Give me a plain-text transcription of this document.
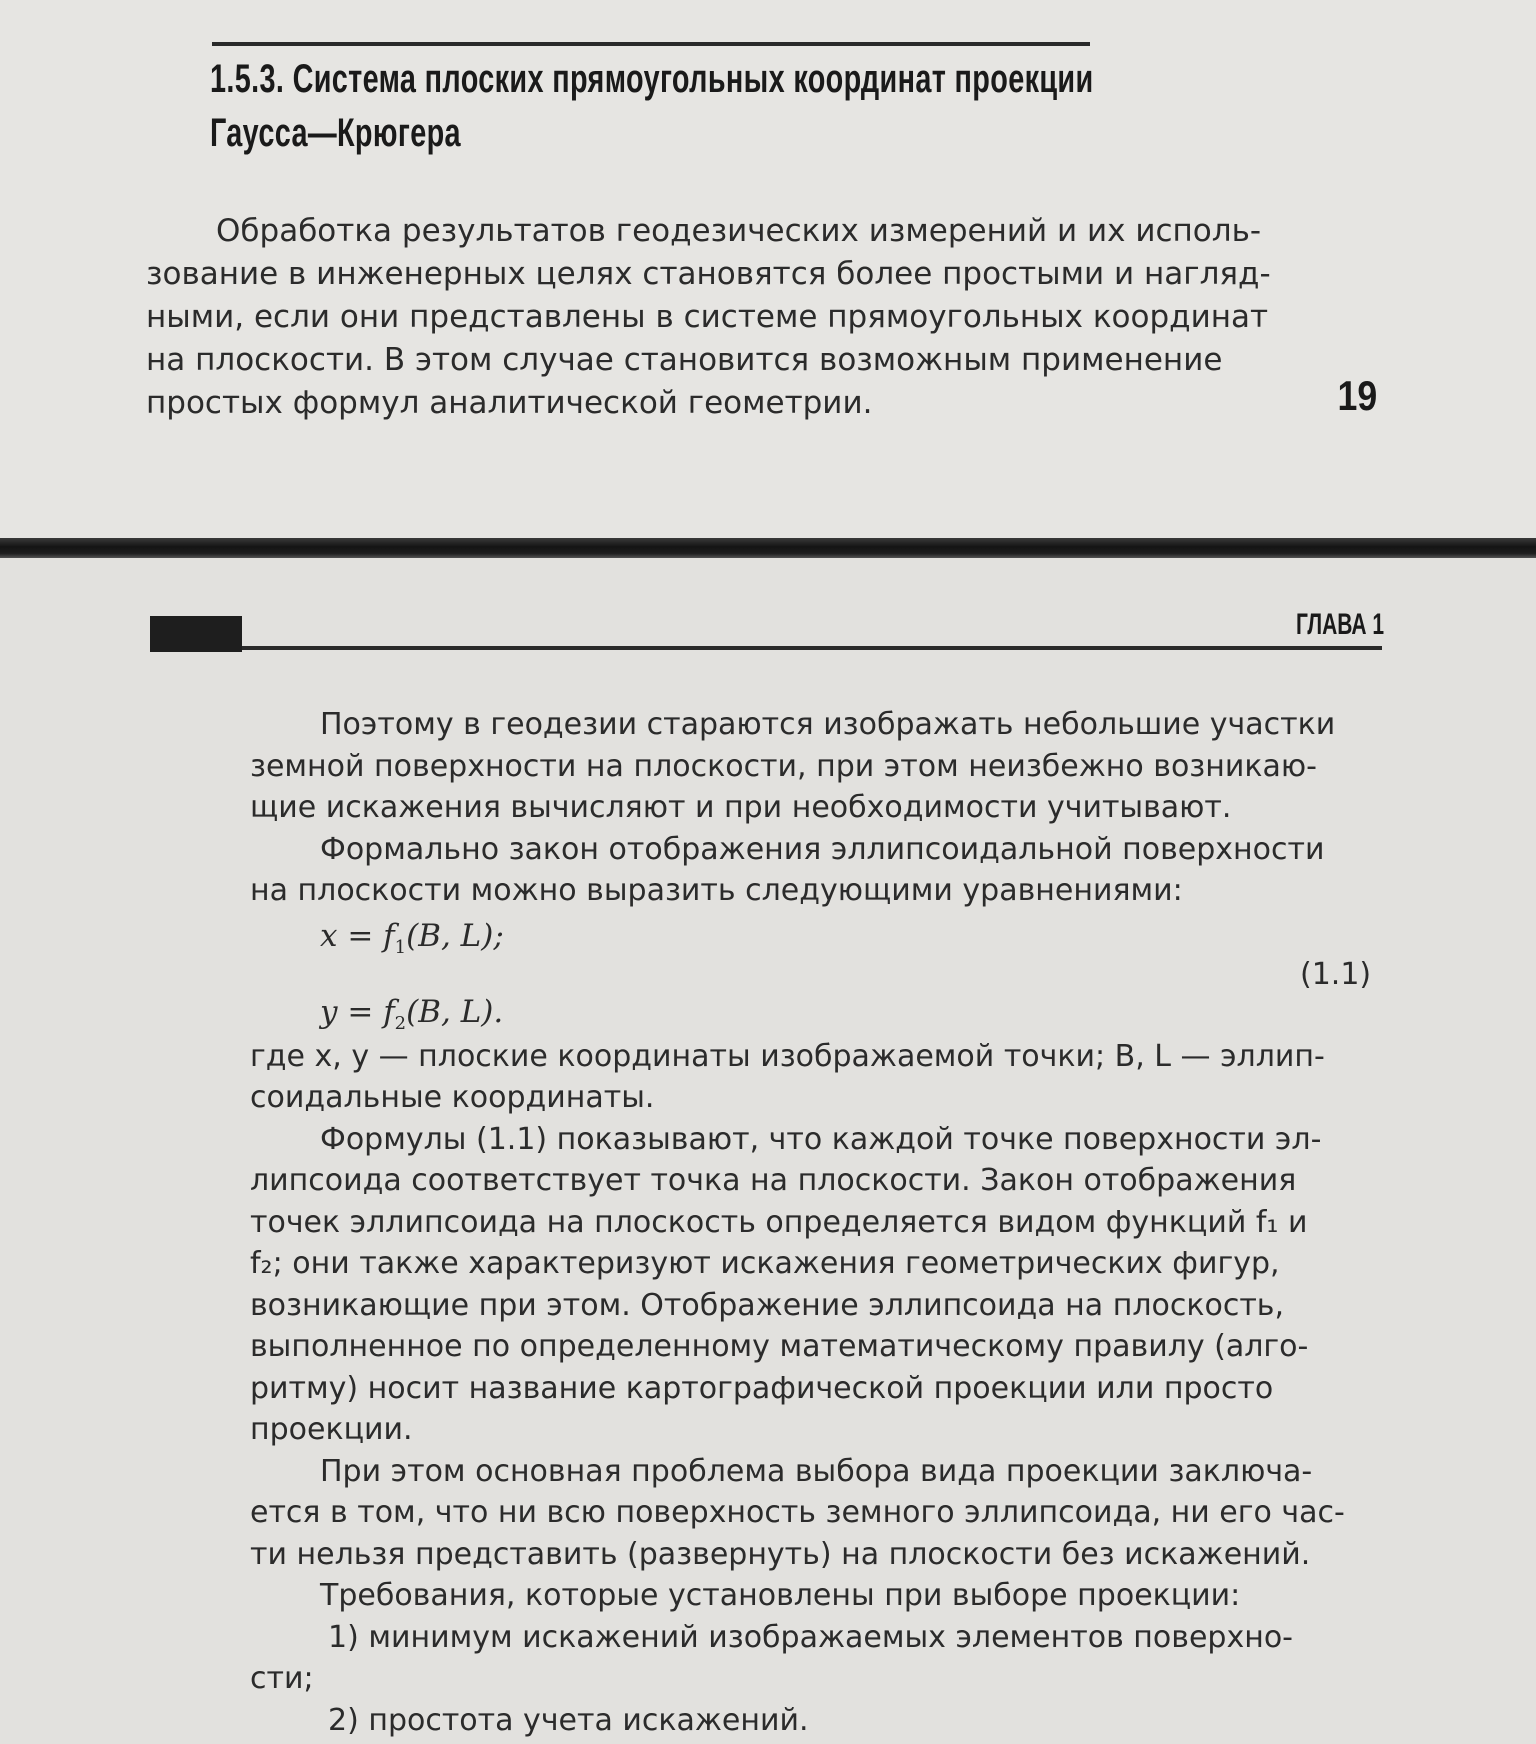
1.5.3. Система плоских прямоугольных координат проекции
Гаусса—Крюгера

Обработка результатов геодезических измерений и их исполь-
зование в инженерных целях становятся более простыми и нагляд-
ными, если они представлены в системе прямоугольных координат
на плоскости. В этом случае становится возможным применение
простых формул аналитической геометрии.	19
ГЛАВА 1
Поэтому в геодезии стараются изображать небольшие участки
земной поверхности на плоскости, при этом неизбежно возникаю-
щие искажения вычисляют и при необходимости учитывают.
Формально закон отображения эллипсоидальной поверхности
на плоскости можно выразить следующими уравнениями:
$x = f_1(B$, L);
$y = f_2(B$, L).
(1.1)
где x, y — плоские координаты изображаемой точки; B, L — эллип-
соидальные координаты.
Формулы (1.1) показывают, что каждой точке поверхности эл-
липсоида соответствует точка на плоскости. Закон отображения
точек эллипсоида на плоскость определяется видом функций f₁ и
f₂; они также характеризуют искажения геометрических фигур,
возникающие при этом. Отображение эллипсоида на плоскость,
выполненное по определенному математическому правилу (алго-
ритму) носит название картографической проекции или просто
проекции.
При этом основная проблема выбора вида проекции заключа-
ется в том, что ни всю поверхность земного эллипсоида, ни его час-
ти нельзя представить (развернуть) на плоскости без искажений.
Требования, которые установлены при выборе проекции:
1) минимум искажений изображаемых элементов поверхно-
сти;
2) простота учета искажений.
